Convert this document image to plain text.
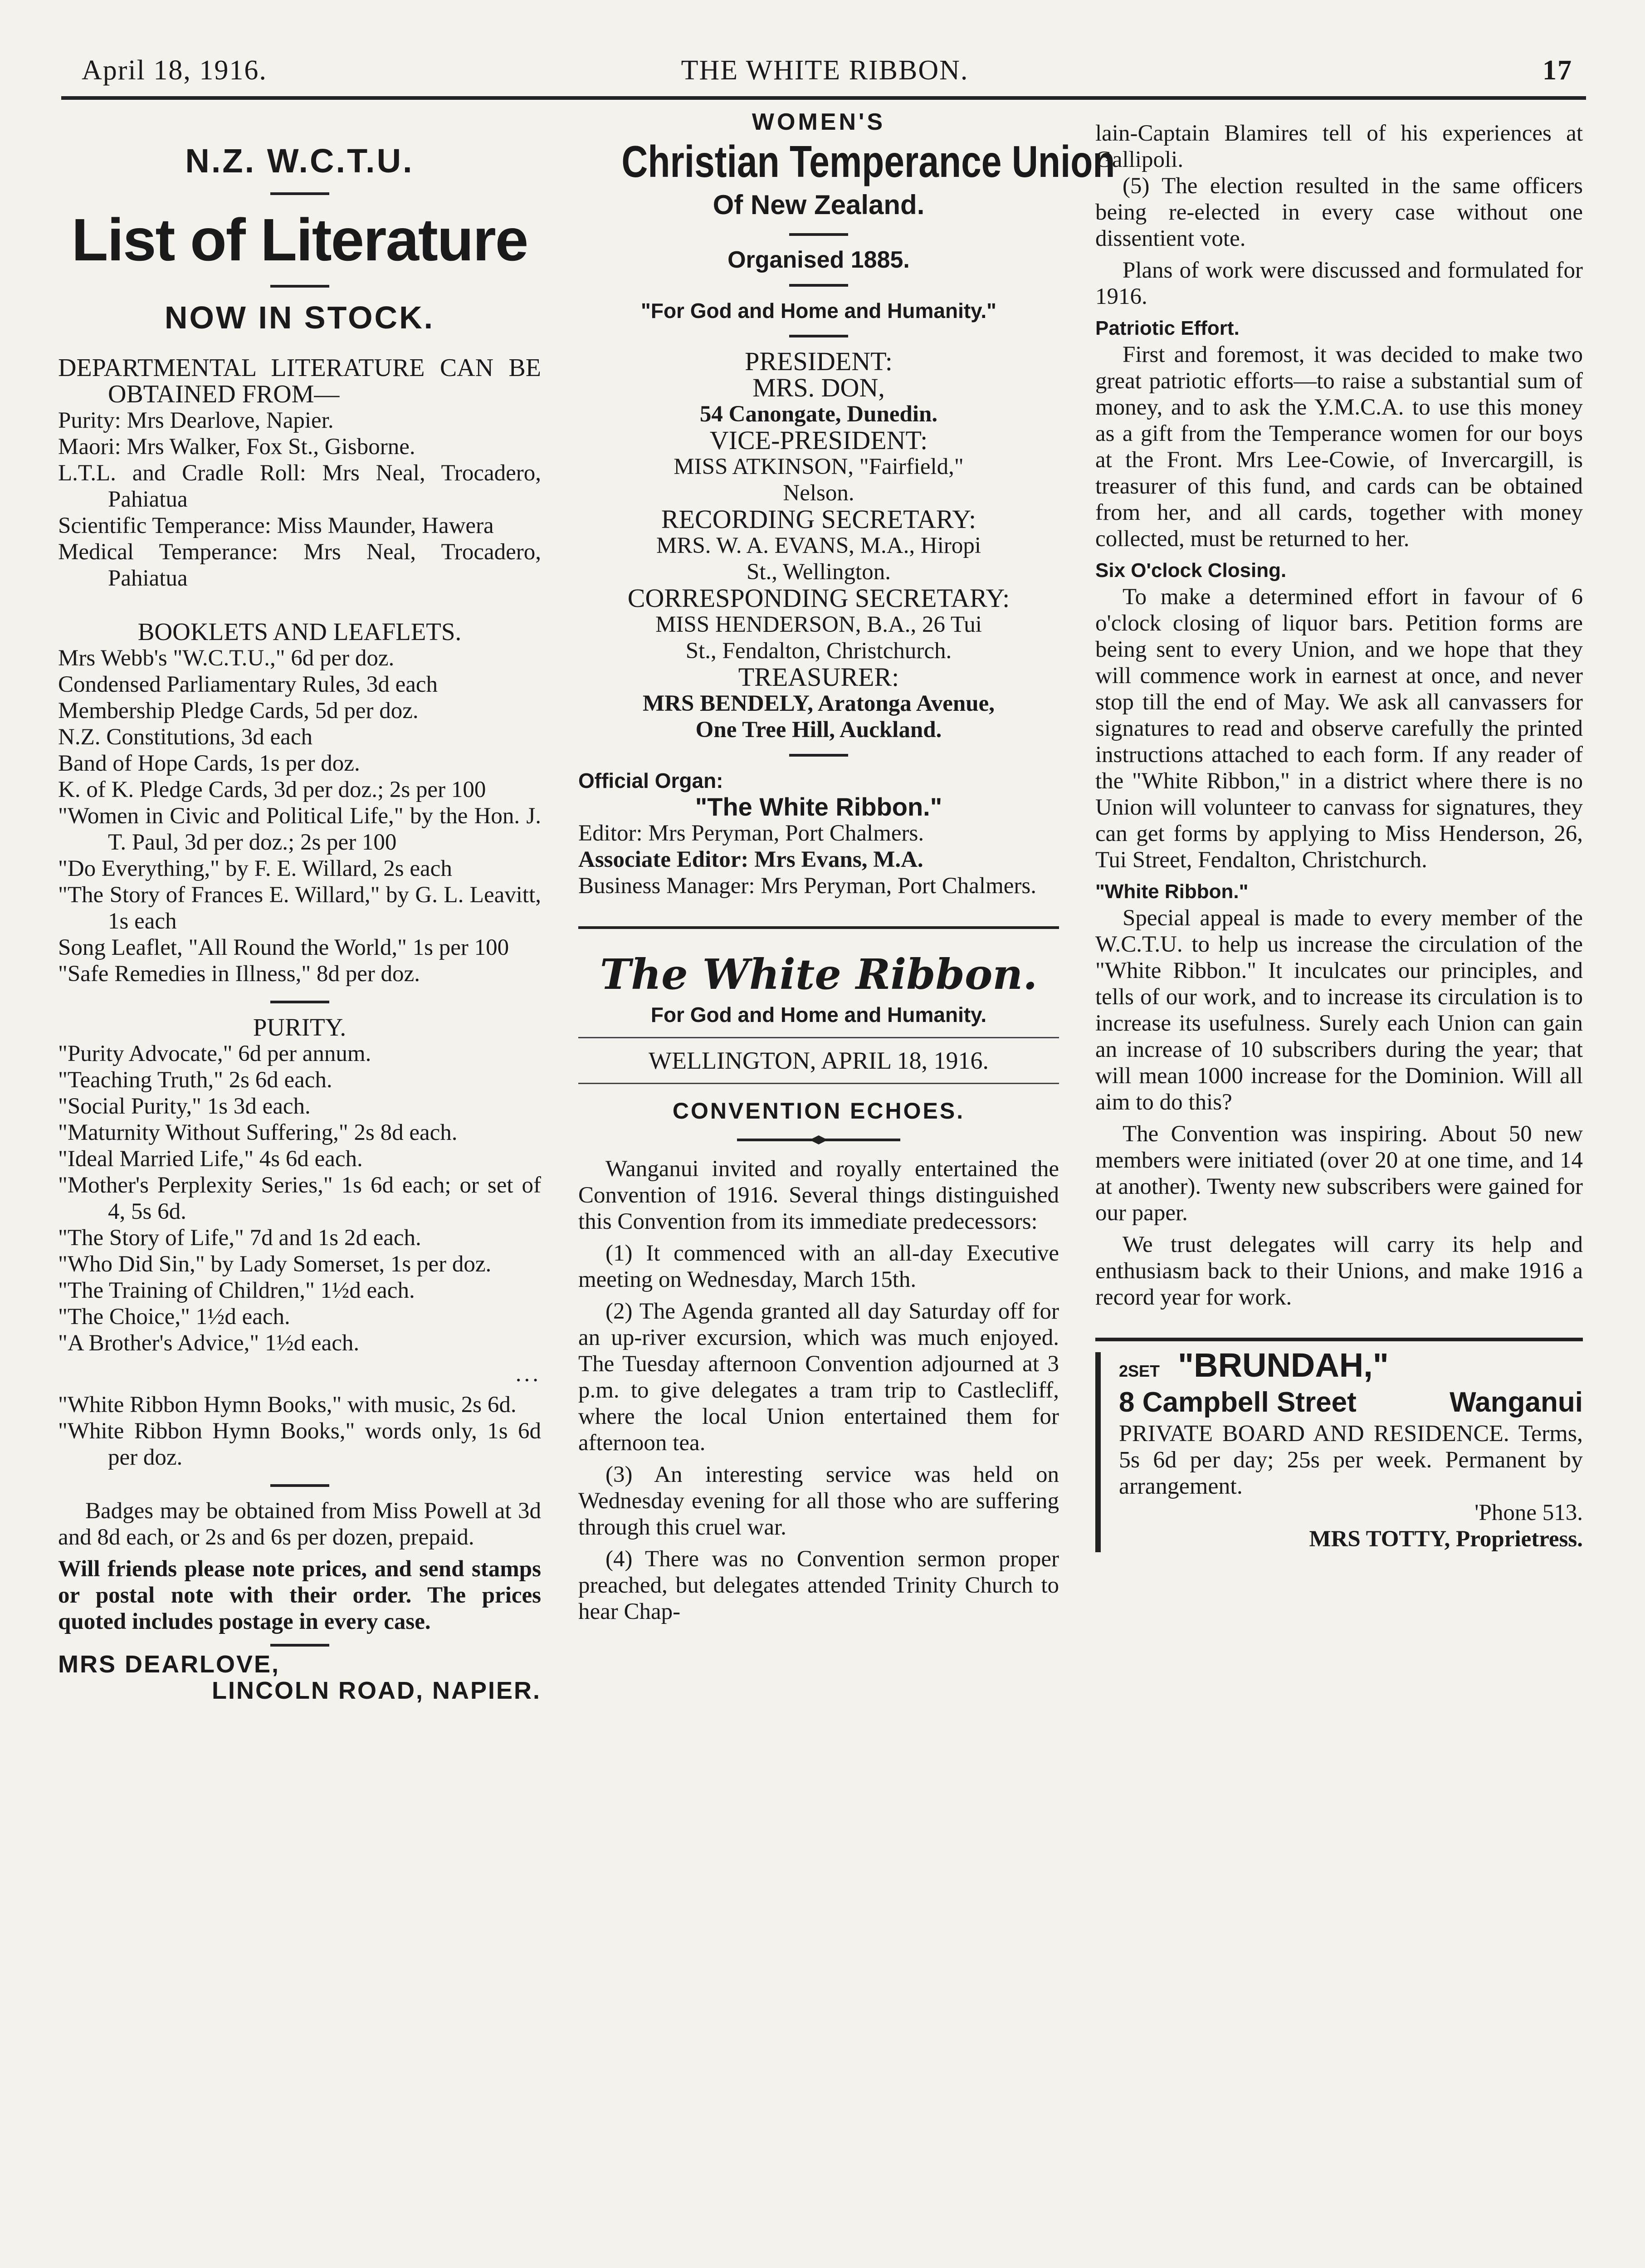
April 18, 1916.	THE WHITE RIBBON.	17
N.Z. W.C.T.U.
List of Literature
NOW IN STOCK.

DEPARTMENTAL LITERATURE CAN BE OBTAINED FROM—

Purity: Mrs Dearlove, Napier.

Maori: Mrs Walker, Fox St., Gisborne.

L.T.L. and Cradle Roll: Mrs Neal, Trocadero, Pahiatua

Scientific Temperance: Miss Maunder, Hawera

Medical Temperance: Mrs Neal, Trocadero, Pahiatua

BOOKLETS AND LEAFLETS.

Mrs Webb's "W.C.T.U.," 6d per doz.

Condensed Parliamentary Rules, 3d each

Membership Pledge Cards, 5d per doz.

N.Z. Constitutions, 3d each

Band of Hope Cards, 1s per doz.

K. of K. Pledge Cards, 3d per doz.; 2s per 100

"Women in Civic and Political Life," by the Hon. J. T. Paul, 3d per doz.; 2s per 100

"Do Everything," by F. E. Willard, 2s each

"The Story of Frances E. Willard," by G. L. Leavitt, 1s each

Song Leaflet, "All Round the World," 1s per 100

"Safe Remedies in Illness," 8d per doz.

PURITY.

"Purity Advocate," 6d per annum.

"Teaching Truth," 2s 6d each.

"Social Purity," 1s 3d each.

"Maturnity Without Suffering," 2s 8d each.

"Ideal Married Life," 4s 6d each.

"Mother's Perplexity Series," 1s 6d each; or set of 4, 5s 6d.

"The Story of Life," 7d and 1s 2d each.

"Who Did Sin," by Lady Somerset, 1s per doz.

"The Training of Children," 1½d each.

"The Choice," 1½d each.

"A Brother's Advice," 1½d each.

...

"White Ribbon Hymn Books," with music, 2s 6d.

"White Ribbon Hymn Books," words only, 1s 6d per doz.

Badges may be obtained from Miss Powell at 3d and 8d each, or 2s and 6s per dozen, prepaid.

Will friends please note prices, and send stamps or postal note with their order. The prices quoted includes postage in every case.

MRS DEARLOVE,
LINCOLN ROAD, NAPIER.
WOMEN'S
Christian Temperance Union
Of New Zealand.
Organised 1885.
"For God and Home and Humanity."
PRESIDENT:
MRS. DON,
54 Canongate, Dunedin.
VICE-PRESIDENT:
MISS ATKINSON, "Fairfield,"
Nelson.
RECORDING SECRETARY:
MRS. W. A. EVANS, M.A., Hiropi
St., Wellington.
CORRESPONDING SECRETARY:
MISS HENDERSON, B.A., 26 Tui
St., Fendalton, Christchurch.
TREASURER:
MRS BENDELY, Aratonga Avenue,
One Tree Hill, Auckland.
Official Organ:
"The White Ribbon."

Editor: Mrs Peryman, Port Chalmers.

Associate Editor: Mrs Evans, M.A.

Business Manager: Mrs Peryman, Port Chalmers.

The White Ribbon.
For God and Home and Humanity.
WELLINGTON, APRIL 18, 1916.
CONVENTION ECHOES.

Wanganui invited and royally entertained the Convention of 1916. Several things distinguished this Convention from its immediate predecessors:

(1) It commenced with an all-day Executive meeting on Wednesday, March 15th.

(2) The Agenda granted all day Saturday off for an up-river excursion, which was much enjoyed. The Tuesday afternoon Convention adjourned at 3 p.m. to give delegates a tram trip to Castlecliff, where the local Union entertained them for afternoon tea.

(3) An interesting service was held on Wednesday evening for all those who are suffering through this cruel war.

(4) There was no Convention sermon proper preached, but delegates attended Trinity Church to hear Chap-

lain-Captain Blamires tell of his experiences at Gallipoli.

(5) The election resulted in the same officers being re-elected in every case without one dissentient vote.

Plans of work were discussed and formulated for 1916.

Patriotic Effort.

First and foremost, it was decided to make two great patriotic efforts—to raise a substantial sum of money, and to ask the Y.M.C.A. to use this money as a gift from the Temperance women for our boys at the Front. Mrs Lee-Cowie, of Invercargill, is treasurer of this fund, and cards can be obtained from her, and all cards, together with money collected, must be returned to her.

Six O'clock Closing.

To make a determined effort in favour of 6 o'clock closing of liquor bars. Petition forms are being sent to every Union, and we hope that they will commence work in earnest at once, and never stop till the end of May. We ask all canvassers for signatures to read and observe carefully the printed instructions attached to each form. If any reader of the "White Ribbon," in a district where there is no Union will volunteer to canvass for signatures, they can get forms by applying to Miss Henderson, 26, Tui Street, Fendalton, Christchurch.

"White Ribbon."

Special appeal is made to every member of the W.C.T.U. to help us increase the circulation of the "White Ribbon." It inculcates our principles, and tells of our work, and to increase its circulation is to increase its usefulness. Surely each Union can gain an increase of 10 subscribers during the year; that will mean 1000 increase for the Dominion. Will all aim to do this?

The Convention was inspiring. About 50 new members were initiated (over 20 at one time, and 14 at another). Twenty new subscribers were gained for our paper.

We trust delegates will carry its help and enthusiasm back to their Unions, and make 1916 a record year for work.

2SET "BRUNDAH,"
8 Campbell Street	Wanganui

PRIVATE BOARD AND RESIDENCE. Terms, 5s 6d per day; 25s per week. Permanent by arrangement.

'Phone 513.
MRS TOTTY, Proprietress.
